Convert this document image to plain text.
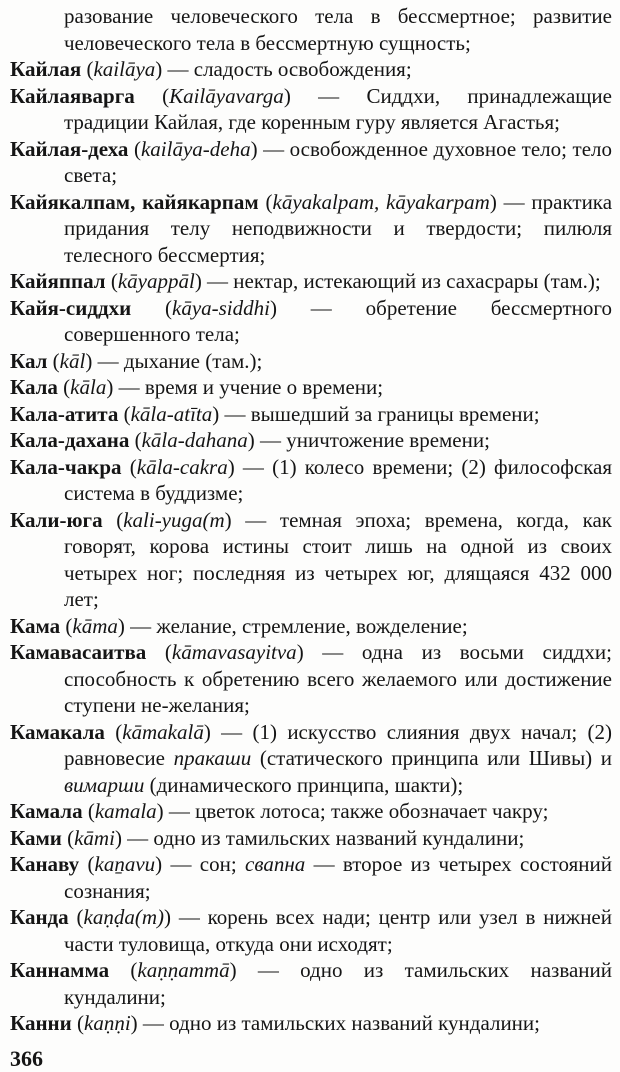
разование человеческого тела в бессмертное; развитие человеческого тела в бессмертную сущность;

Кайлая (kailāya) — сладость освобождения;

Кайлаяварга (Kailāyavarga) — Сиддхи, принадлежащие традиции Кайлая, где коренным гуру является Агастья;

Кайлая-деха (kailāya-deha) — освобожденное духовное тело; тело света;

Кайякалпам, кайякарпам (kāyakalpam, kāyakarpam) — практика придания телу неподвижности и твердости; пилюля телесного бессмертия;

Кайяппал (kāyappāl) — нектар, истекающий из сахасрары (там.);

Кайя-сиддхи (kāya-siddhi) — обретение бессмертного совершенного тела;

Кал (kāl) — дыхание (там.);

Кала (kāla) — время и учение о времени;

Кала-атита (kāla-atīta) — вышедший за границы времени;

Кала-дахана (kāla-dahana) — уничтожение времени;

Кала-чакра (kāla-cakra) — (1) колесо времени; (2) философская система в буддизме;

Кали-юга (kali-yuga(m) — темная эпоха; времена, когда, как говорят, корова истины стоит лишь на одной из своих четырех ног; последняя из четырех юг, длящаяся 432 000 лет;

Кама (kāma) — желание, стремление, вожделение;

Камавасаитва (kāmavasayitva) — одна из восьми сиддхи; способность к обретению всего желаемого или достижение ступени не-желания;

Камакала (kāmakalā) — (1) искусство слияния двух начал; (2) равновесие пракаши (статического принципа или Шивы) и вимарши (динамического принципа, шакти);

Камала (kamala) — цветок лотоса; также обозначает чакру;

Ками (kāmi) — одно из тамильских названий кундалини;

Канаву (kaṉavu) — сон; свапна — второе из четырех состояний сознания;

Канда (kaṇḍa(m)) — корень всех нади; центр или узел в нижней части туловища, откуда они исходят;

Каннамма (kaṇṇammā) — одно из тамильских названий кундалини;

Канни (kaṇṇi) — одно из тамильских названий кундалини;

366
